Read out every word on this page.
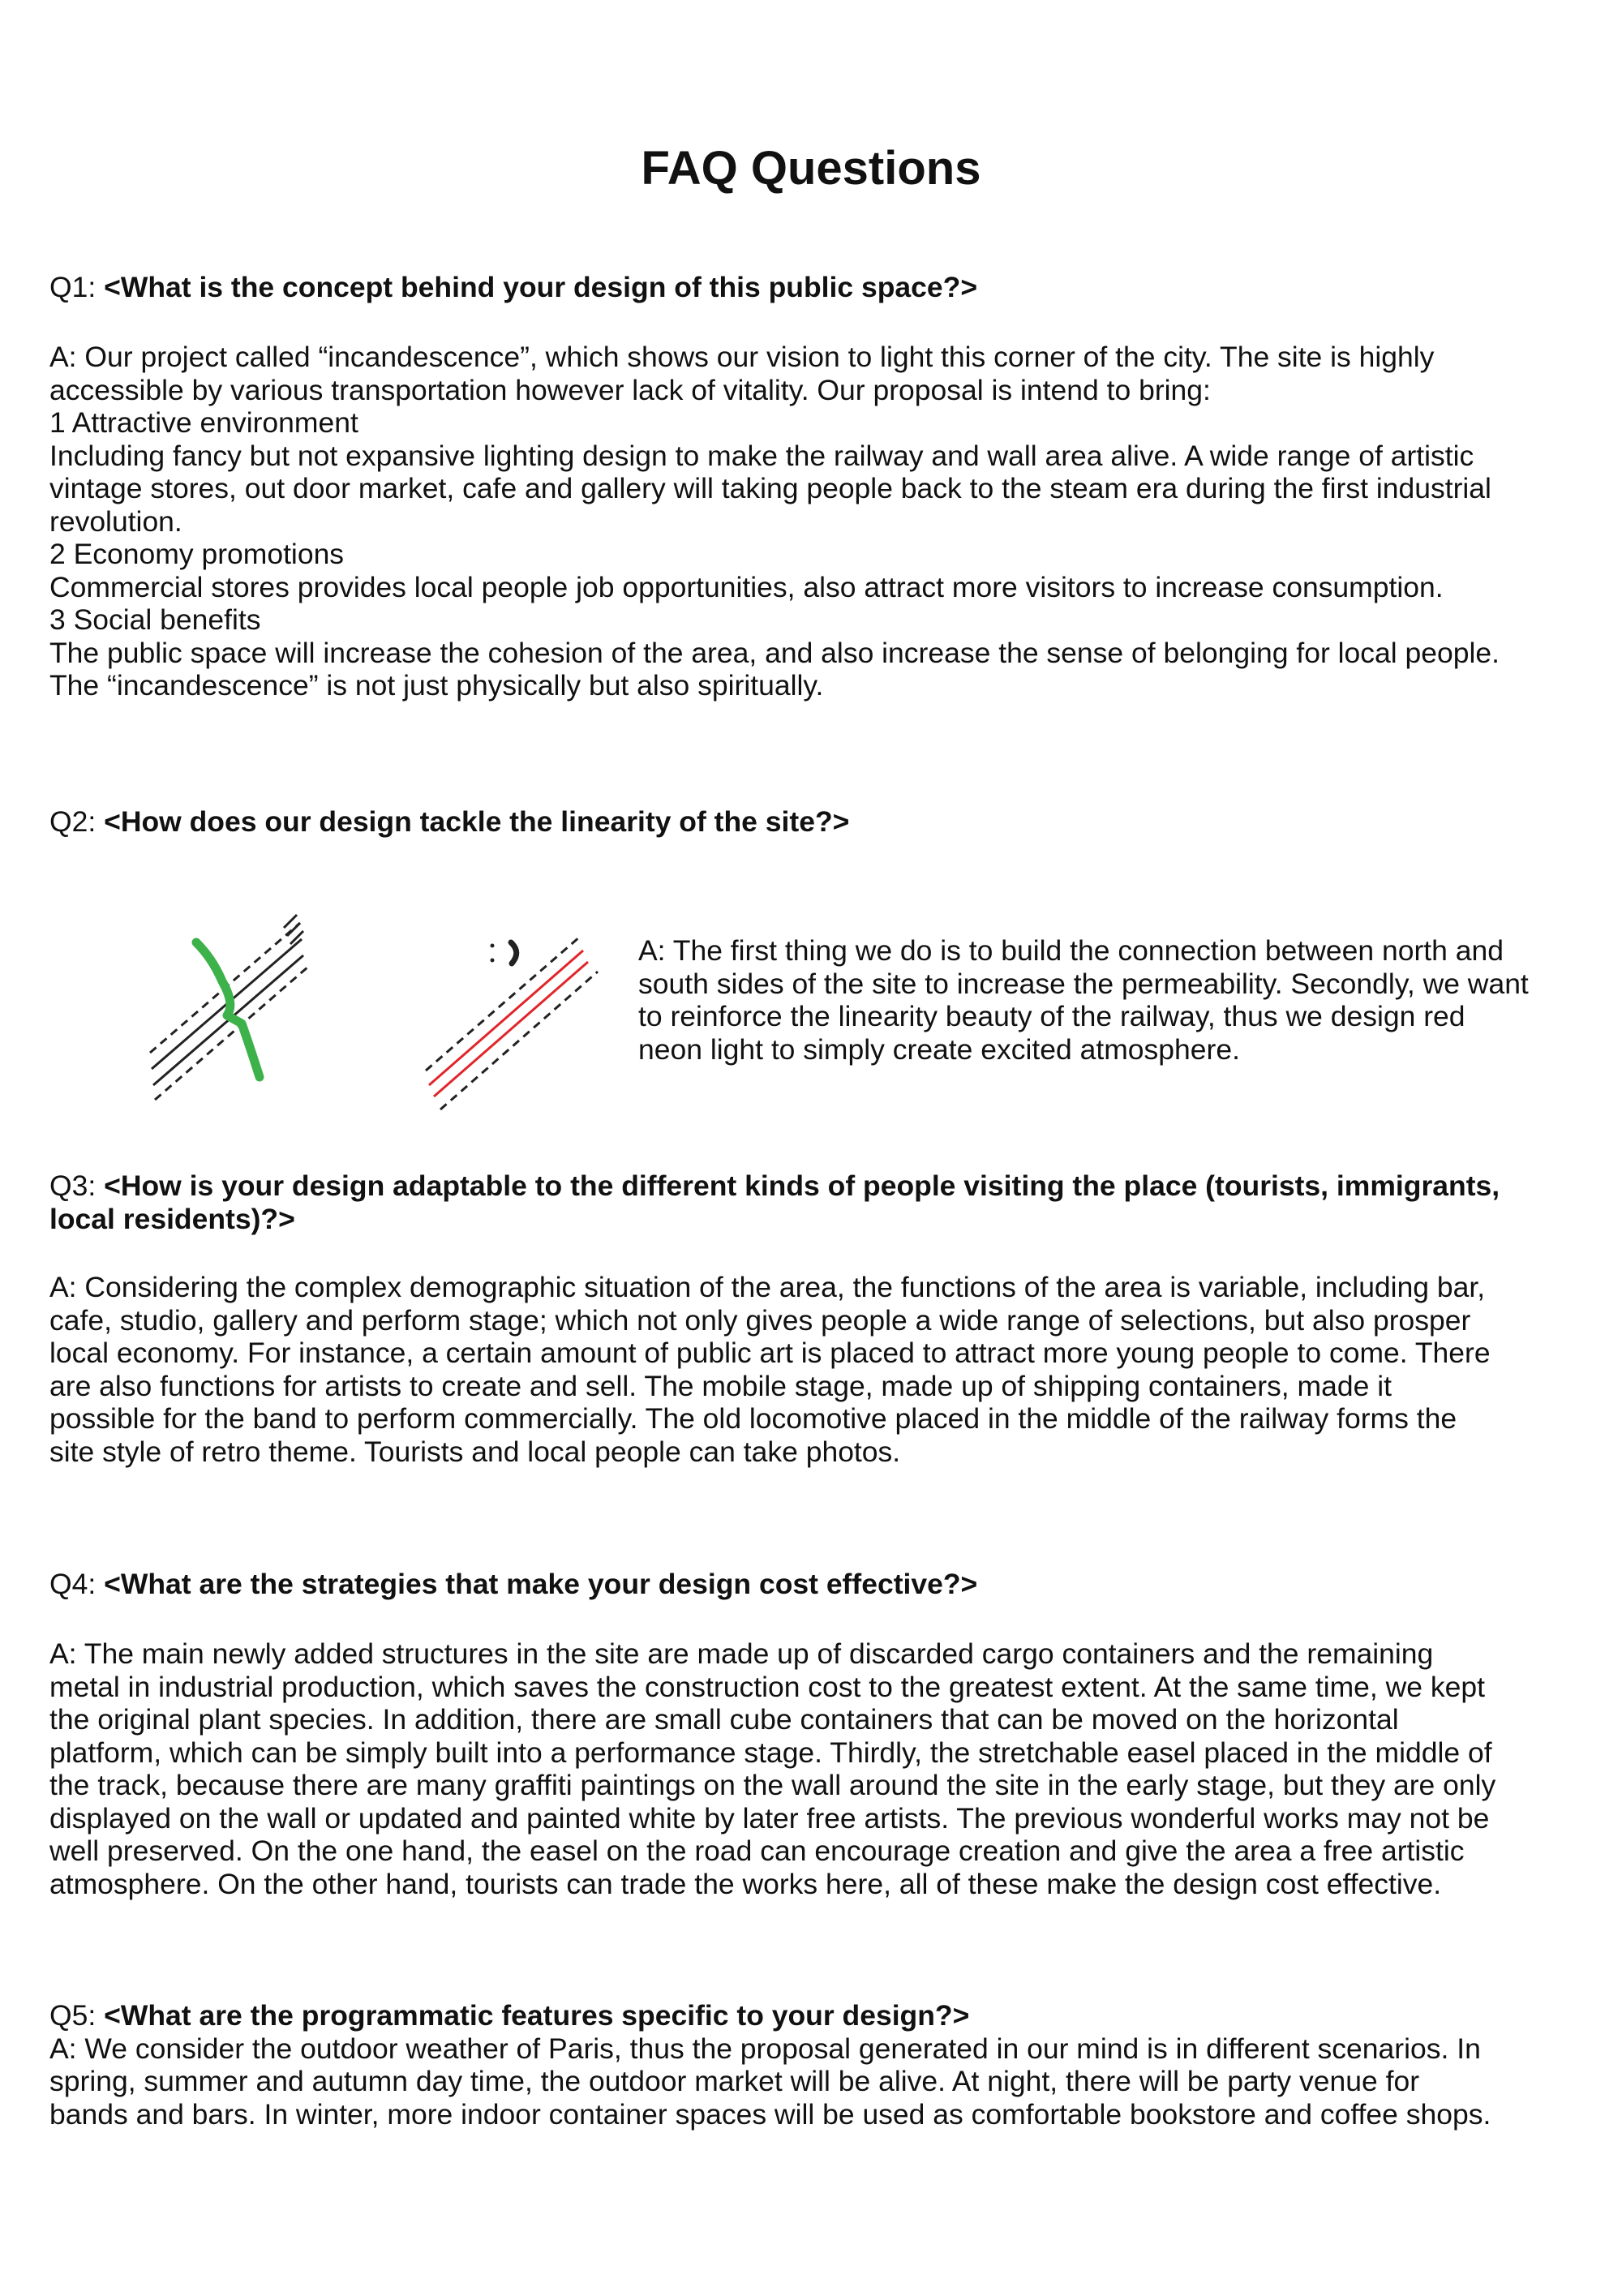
FAQ Questions
Q1: <What is the concept behind your design of this public space?>
A: Our project called “incandescence”, which shows our vision to light this corner of the city. The site is highly
accessible by various transportation however lack of vitality. Our proposal is intend to bring:
1 Attractive environment
Including fancy but not expansive lighting design to make the railway and wall area alive. A wide range of artistic
vintage stores, out door market, cafe and gallery will taking people back to the steam era during the first industrial
revolution.
2 Economy promotions
Commercial stores provides local people job opportunities, also attract more visitors to increase consumption.
3 Social benefits
The public space will increase the cohesion of the area, and also increase the sense of belonging for local people.
The “incandescence” is not just physically but also spiritually.
Q2: <How does our design tackle the linearity of the site?>
A: The first thing we do is to build the connection between north and
south sides of the site to increase the permeability. Secondly, we want
to reinforce the linearity beauty of the railway, thus we design red
neon light to simply create excited atmosphere.
Q3: <How is your design adaptable to the different kinds of people visiting the place (tourists, immigrants,
local residents)?>
A: Considering the complex demographic situation of the area, the functions of the area is variable, including bar,
cafe, studio, gallery and perform stage; which not only gives people a wide range of selections, but also prosper
local economy. For instance, a certain amount of public art is placed to attract more young people to come. There
are also functions for artists to create and sell. The mobile stage, made up of shipping containers, made it
possible for the band to perform commercially. The old locomotive placed in the middle of the railway forms the
site style of retro theme. Tourists and local people can take photos.
Q4: <What are the strategies that make your design cost effective?>
A: The main newly added structures in the site are made up of discarded cargo containers and the remaining
metal in industrial production, which saves the construction cost to the greatest extent. At the same time, we kept
the original plant species. In addition, there are small cube containers that can be moved on the horizontal
platform, which can be simply built into a performance stage. Thirdly, the stretchable easel placed in the middle of
the track, because there are many graffiti paintings on the wall around the site in the early stage, but they are only
displayed on the wall or updated and painted white by later free artists. The previous wonderful works may not be
well preserved. On the one hand, the easel on the road can encourage creation and give the area a free artistic
atmosphere. On the other hand, tourists can trade the works here, all of these make the design cost effective.
Q5: <What are the programmatic features specific to your design?>
A: We consider the outdoor weather of Paris, thus the proposal generated in our mind is in different scenarios. In
spring, summer and autumn day time, the outdoor market will be alive. At night, there will be party venue for
bands and bars. In winter, more indoor container spaces will be used as comfortable bookstore and coffee shops.
